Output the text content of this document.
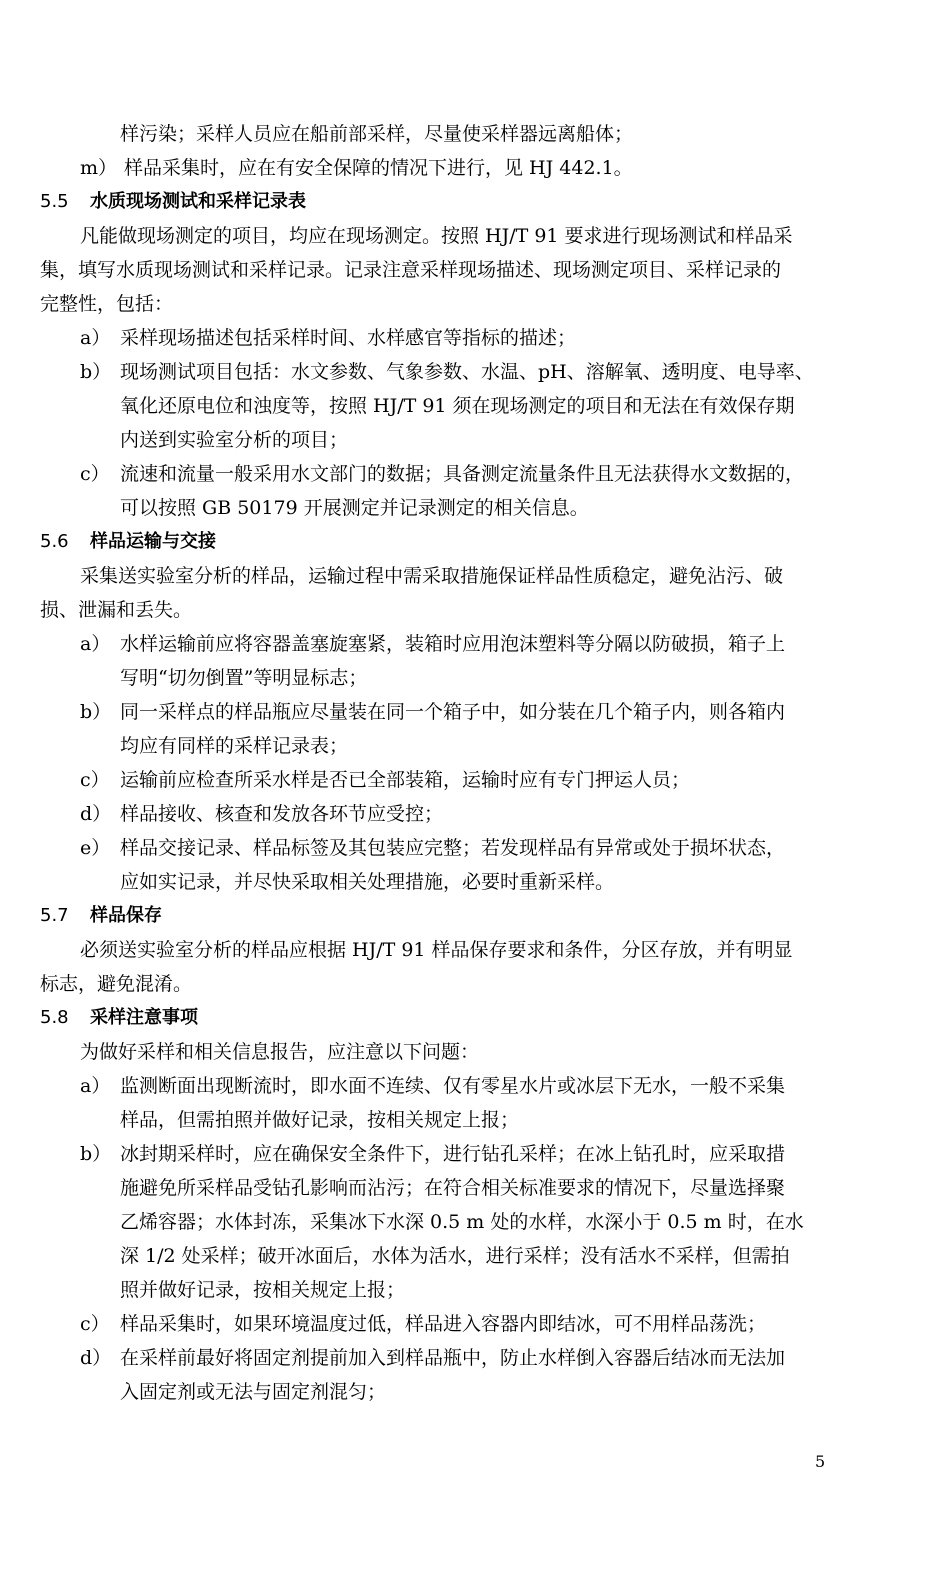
样污染；采样人员应在船前部采样，尽量使采样器远离船体；
m） 样品采集时，应在有安全保障的情况下进行，见 HJ 442.1。
5.5 水质现场测试和采样记录表
凡能做现场测定的项目，均应在现场测定。按照 HJ/T 91 要求进行现场测试和样品采
集，填写水质现场测试和采样记录。记录注意采样现场描述、现场测定项目、采样记录的
完整性，包括：
a） 采样现场描述包括采样时间、水样感官等指标的描述；
b） 现场测试项目包括：水文参数、气象参数、水温、pH、溶解氧、透明度、电导率、
氧化还原电位和浊度等，按照 HJ/T 91 须在现场测定的项目和无法在有效保存期
内送到实验室分析的项目；
c） 流速和流量一般采用水文部门的数据；具备测定流量条件且无法获得水文数据的，
可以按照 GB 50179 开展测定并记录测定的相关信息。
5.6 样品运输与交接
采集送实验室分析的样品，运输过程中需采取措施保证样品性质稳定，避免沾污、破
损、泄漏和丢失。
a） 水样运输前应将容器盖塞旋塞紧，装箱时应用泡沫塑料等分隔以防破损，箱子上
写明“切勿倒置”等明显标志；
b） 同一采样点的样品瓶应尽量装在同一个箱子中，如分装在几个箱子内，则各箱内
均应有同样的采样记录表；
c） 运输前应检查所采水样是否已全部装箱，运输时应有专门押运人员；
d） 样品接收、核查和发放各环节应受控；
e） 样品交接记录、样品标签及其包装应完整；若发现样品有异常或处于损坏状态，
应如实记录，并尽快采取相关处理措施，必要时重新采样。
5.7 样品保存
必须送实验室分析的样品应根据 HJ/T 91 样品保存要求和条件，分区存放，并有明显
标志，避免混淆。
5.8 采样注意事项
为做好采样和相关信息报告，应注意以下问题：
a） 监测断面出现断流时，即水面不连续、仅有零星水片或冰层下无水，一般不采集
样品，但需拍照并做好记录，按相关规定上报；
b） 冰封期采样时，应在确保安全条件下，进行钻孔采样；在冰上钻孔时，应采取措
施避免所采样品受钻孔影响而沾污；在符合相关标准要求的情况下，尽量选择聚
乙烯容器；水体封冻，采集冰下水深 0.5 m 处的水样，水深小于 0.5 m 时，在水
深 1/2 处采样；破开冰面后，水体为活水，进行采样；没有活水不采样，但需拍
照并做好记录，按相关规定上报；
c） 样品采集时，如果环境温度过低，样品进入容器内即结冰，可不用样品荡洗；
d） 在采样前最好将固定剂提前加入到样品瓶中，防止水样倒入容器后结冰而无法加
入固定剂或无法与固定剂混匀；
5
